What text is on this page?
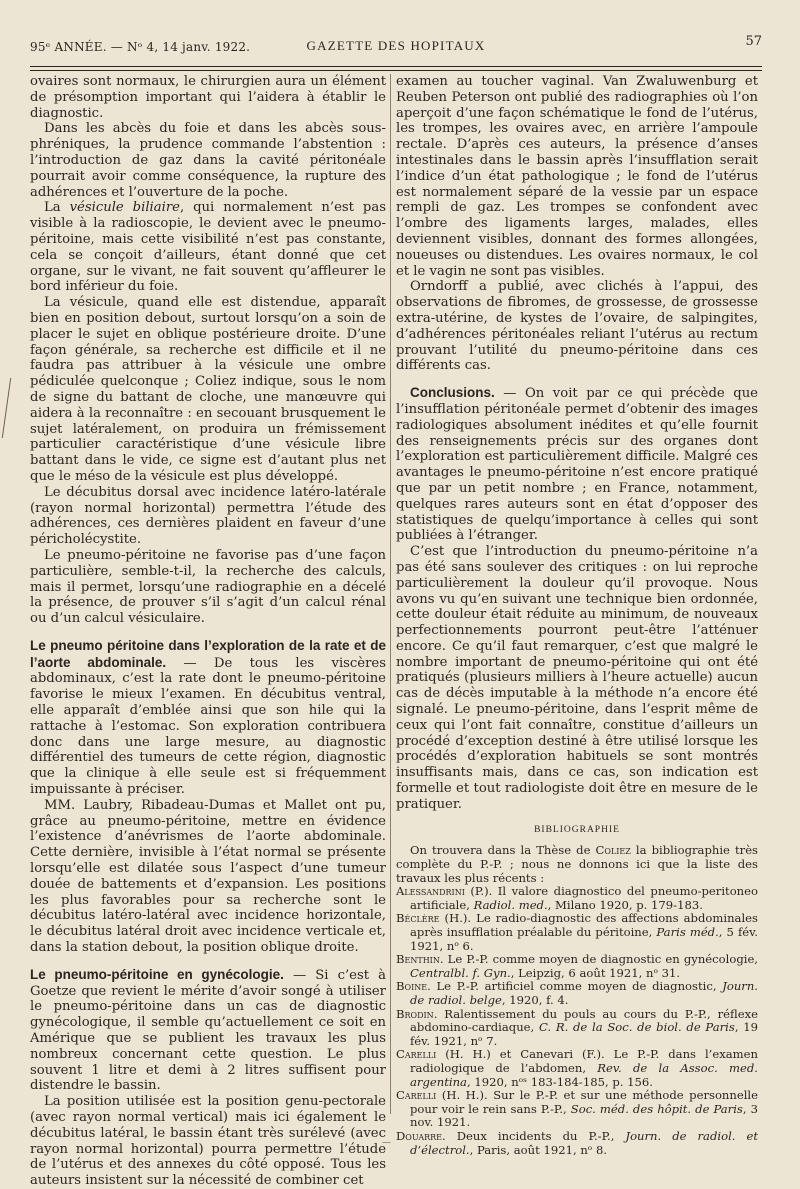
95ᵉ ANNÉE. — Nᵒ 4, 14 janv. 1922.	GAZETTE DES HOPITAUX	57

ovaires sont normaux, le chirurgien aura un élément de présomption important qui l’aidera à établir le diagnostic.

Dans les abcès du foie et dans les abcès sous-phréniques, la prudence commande l’abstention : l’introduction de gaz dans la cavité péritonéale pourrait avoir comme conséquence, la rupture des adhérences et l’ouverture de la poche.

La vésicule biliaire, qui normalement n’est pas visible à la radioscopie, le devient avec le pneumo-péritoine, mais cette visibilité n’est pas constante, cela se conçoit d’ailleurs, étant donné que cet organe, sur le vivant, ne fait souvent qu’affleurer le bord inférieur du foie.

La vésicule, quand elle est distendue, apparaît bien en position debout, surtout lorsqu’on a soin de placer le sujet en oblique postérieure droite. D’une façon générale, sa recherche est difficile et il ne faudra pas attribuer à la vésicule une ombre pédiculée quelconque ; Coliez indique, sous le nom de signe du battant de cloche, une manœuvre qui aidera à la reconnaître : en secouant brusquement le sujet latéralement, on produira un frémissement particulier caractéristique d’une vésicule libre battant dans le vide, ce signe est d’autant plus net que le méso de la vésicule est plus développé.

Le décubitus dorsal avec incidence latéro-latérale (rayon normal horizontal) permettra l’étude des adhérences, ces dernières plaident en faveur d’une péricholécystite.

Le pneumo-péritoine ne favorise pas d’une façon particulière, semble-t-il, la recherche des calculs, mais il permet, lorsqu’une radiographie en a décelé la présence, de prouver s’il s’agit d’un calcul rénal ou d’un calcul vésiculaire.

Le pneumo péritoine dans l’exploration de la rate et de l’aorte abdominale. — De tous les viscères abdominaux, c’est la rate dont le pneumo-péritoine favorise le mieux l’examen. En décubitus ventral, elle apparaît d’emblée ainsi que son hile qui la rattache à l’estomac. Son exploration contribuera donc dans une large mesure, au diagnostic différentiel des tumeurs de cette région, diagnostic que la clinique à elle seule est si fréquemment impuissante à préciser.

MM. Laubry, Ribadeau-Dumas et Mallet ont pu, grâce au pneumo-péritoine, mettre en évidence l’existence d’anévrismes de l’aorte abdominale. Cette dernière, invisible à l’état normal se présente lorsqu’elle est dilatée sous l’aspect d’une tumeur douée de battements et d’expansion. Les positions les plus favorables pour sa recherche sont le décubitus latéro-latéral avec incidence horizontale, le décubitus latéral droit avec incidence verticale et, dans la station debout, la position oblique droite.

Le pneumo-péritoine en gynécologie. — Si c’est à Goetze que revient le mérite d’avoir songé à utiliser le pneumo-péritoine dans un cas de diagnostic gynécologique, il semble qu’actuellement ce soit en Amérique que se publient les travaux les plus nombreux concernant cette question. Le plus souvent 1 litre et demi à 2 litres suffisent pour distendre le bassin.

La position utilisée est la position genu-pectorale (avec rayon normal vertical) mais ici également le décubitus latéral, le bassin étant très surélevé (avec rayon normal horizontal) pourra permettre l’étude de l’utérus et des annexes du côté opposé. Tous les auteurs insistent sur la nécessité de combiner cet

examen au toucher vaginal. Van Zwaluwenburg et Reuben Peterson ont publié des radiographies où l’on aperçoit d’une façon schématique le fond de l’utérus, les trompes, les ovaires avec, en arrière l’ampoule rectale. D’après ces auteurs, la présence d’anses intestinales dans le bassin après l’insufflation serait l’indice d’un état pathologique ; le fond de l’utérus est normalement séparé de la vessie par un espace rempli de gaz. Les trompes se confondent avec l’ombre des ligaments larges, malades, elles deviennent visibles, donnant des formes allongées, noueuses ou distendues. Les ovaires normaux, le col et le vagin ne sont pas visibles.

Orndorff a publié, avec clichés à l’appui, des observations de fibromes, de grossesse, de grossesse extra-utérine, de kystes de l’ovaire, de salpingites, d’adhérences péritonéales reliant l’utérus au rectum prouvant l’utilité du pneumo-péritoine dans ces différents cas.

Conclusions. — On voit par ce qui précède que l’insufflation péritonéale permet d’obtenir des images radiologiques absolument inédites et qu’elle fournit des renseignements précis sur des organes dont l’exploration est particulièrement difficile. Malgré ces avantages le pneumo-péritoine n’est encore pratiqué que par un petit nombre ; en France, notamment, quelques rares auteurs sont en état d’opposer des statistiques de quelqu’importance à celles qui sont publiées à l’étranger.

C’est que l’introduction du pneumo-péritoine n’a pas été sans soulever des critiques : on lui reproche particulièrement la douleur qu’il provoque. Nous avons vu qu’en suivant une technique bien ordonnée, cette douleur était réduite au minimum, de nouveaux perfectionnements pourront peut-être l’atténuer encore. Ce qu’il faut remarquer, c’est que malgré le nombre important de pneumo-péritoine qui ont été pratiqués (plusieurs milliers à l’heure actuelle) aucun cas de décès imputable à la méthode n’a encore été signalé. Le pneumo-péritoine, dans l’esprit même de ceux qui l’ont fait connaître, constitue d’ailleurs un procédé d’exception destiné à être utilisé lorsque les procédés d’exploration habituels se sont montrés insuffisants mais, dans ce cas, son indication est formelle et tout radiologiste doit être en mesure de le pratiquer.

BIBLIOGRAPHIE

On trouvera dans la Thèse de Coliez la bibliographie très complète du P.-P. ; nous ne donnons ici que la liste des travaux les plus récents :

Alessandrini (P.). Il valore diagnostico del pneumo-peritoneo artificiale, Radiol. med., Milano 1920, p. 179-183.

Béclère (H.). Le radio-diagnostic des affections abdominales après insufflation préalable du péritoine, Paris méd., 5 fév. 1921, nᵒ 6.

Benthin. Le P.-P. comme moyen de diagnostic en gynécologie, Centralbl. f. Gyn., Leipzig, 6 août 1921, nᵒ 31.

Boine. Le P.-P. artificiel comme moyen de diagnostic, Journ. de radiol. belge, 1920, f. 4.

Brodin. Ralentissement du pouls au cours du P.-P., réflexe abdomino-cardiaque, C. R. de la Soc. de biol. de Paris, 19 fév. 1921, nᵒ 7.

Carelli (H. H.) et Canevari (F.). Le P.-P. dans l’examen radiologique de l’abdomen, Rev. de la Assoc. med. argentina, 1920, nᵒˢ 183-184-185, p. 156.

Carelli (H. H.). Sur le P.-P. et sur une méthode personnelle pour voir le rein sans P.-P., Soc. méd. des hôpit. de Paris, 3 nov. 1921.

Douarre. Deux incidents du P.-P., Journ. de radiol. et d’électrol., Paris, août 1921, nᵒ 8.

—
